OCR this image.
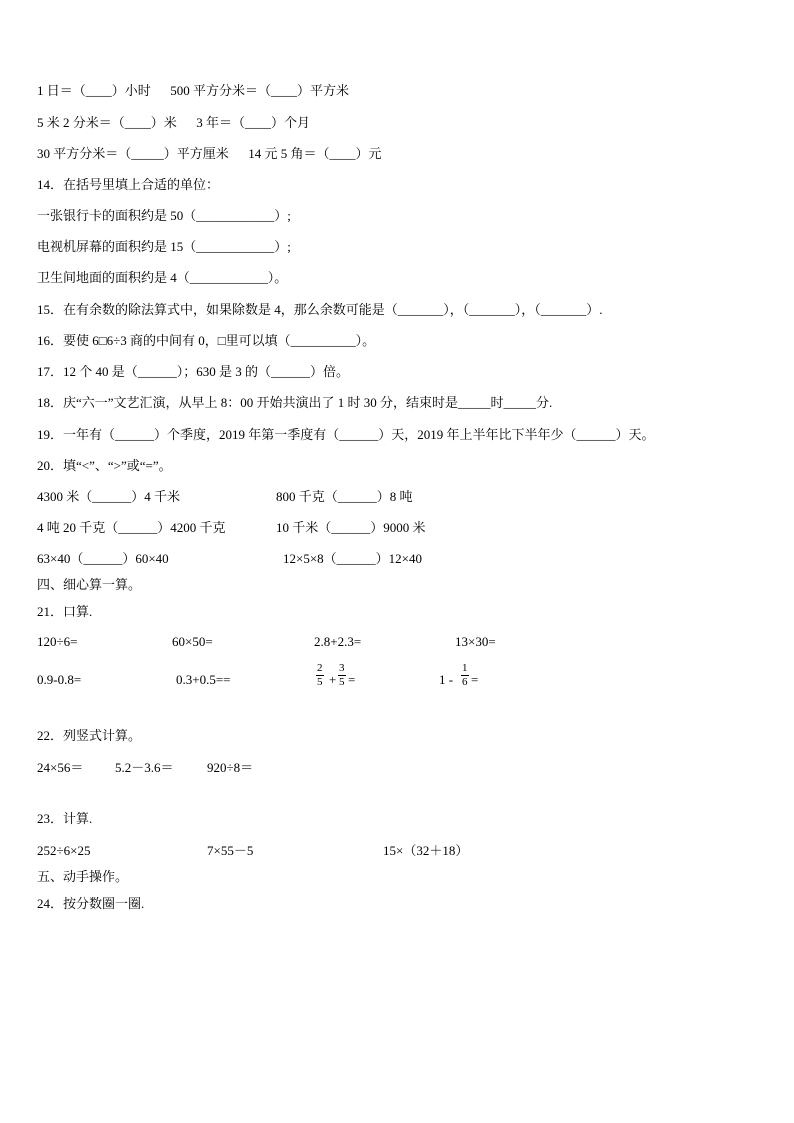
1 日＝（____）小时      500 平方分米＝（____）平方米
5 米 2 分米＝（____）米      3 年＝（____）个月
30 平方分米＝（_____）平方厘米      14 元 5 角＝（____）元
14．在括号里填上合适的单位：
一张银行卡的面积约是 50（____________）;
电视机屏幕的面积约是 15（____________）;
卫生间地面的面积约是 4（____________）。
15．在有余数的除法算式中，如果除数是 4，那么余数可能是（_______），（_______），（_______）.
16．要使 6□6÷3 商的中间有 0，□里可以填（__________）。
17．12 个 40 是（______）；630 是 3 的（______）倍。
18．庆“六一”文艺汇演，从早上 8：00 开始共演出了 1 时 30 分，结束时是_____时_____分.
19．一年有（______）个季度，2019 年第一季度有（______）天，2019 年上半年比下半年少（______）天。
20．填“<”、“>”或“=”。
4300 米（______）4 千米	800 千克（______）8 吨
4 吨 20 千克（______）4200 千克	10 千米（______）9000 米
63×40（______）60×40	12×5×8（______）12×40
四、细心算一算。
21．口算.
120÷6=	60×50=	2.8+2.3=	13×30=
0.9-0.8=	0.3+0.5==	$\frac{2}{5} + \frac{3}{5}$ =	$1 - \frac{1}{6}$ =
22．列竖式计算。
24×56＝ 5.2－3.6＝	920÷8＝
23．计算.
252÷6×25	7×55－5	15×（32＋18）
五、动手操作。
24．按分数圈一圈.
